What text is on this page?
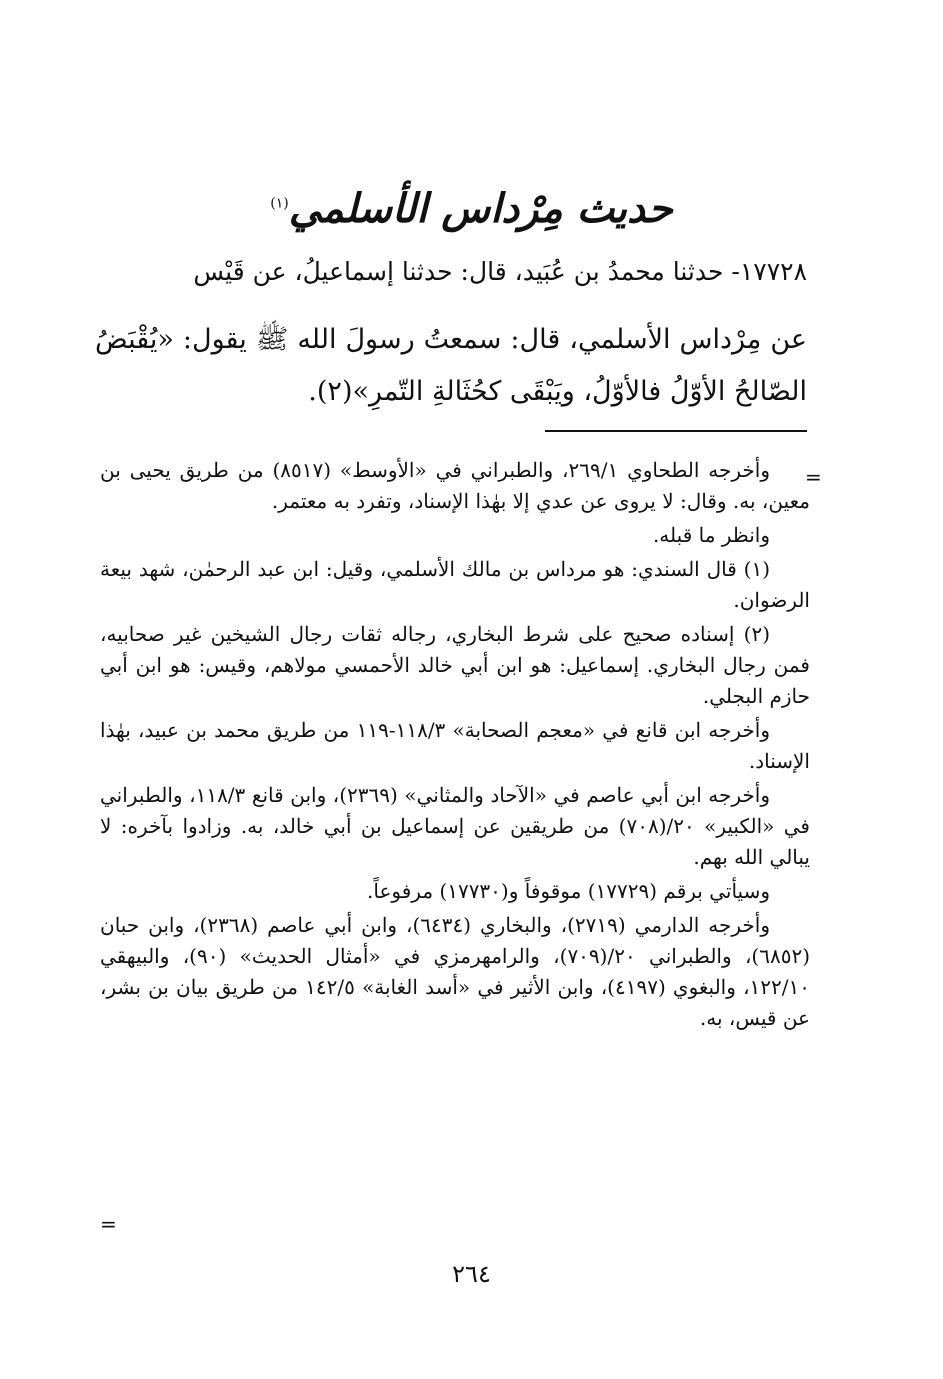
حديث مِرْداس الأسلمي$^{(١)}$

١٧٧٢٨- حدثنا محمدُ بن عُبَيد، قال: حدثنا إسماعيلُ، عن قَيْس

عن مِرْداس الأسلمي، قال: سمعتُ رسولَ الله ﷺ يقول: «يُقْبَضُ الصّالحُ الأوّلُ فالأوّلُ، ويَبْقَى كحُثَالةِ التّمرِ»(٢).

=

وأخرجه الطحاوي ٢٦٩/١، والطبراني في «الأوسط» (٨٥١٧) من طريق يحيى بن معين، به. وقال: لا يروى عن عدي إلا بهٰذا الإسناد، وتفرد به معتمر.

وانظر ما قبله.

(١) قال السندي: هو مرداس بن مالك الأسلمي، وقيل: ابن عبد الرحمٰن، شهد بيعة الرضوان.

(٢) إسناده صحيح على شرط البخاري، رجاله ثقات رجال الشيخين غير صحابيه، فمن رجال البخاري. إسماعيل: هو ابن أبي خالد الأحمسي مولاهم، وقيس: هو ابن أبي حازم البجلي.

وأخرجه ابن قانع في «معجم الصحابة» ١١٨/٣-١١٩ من طريق محمد بن عبيد، بهٰذا الإسناد.

وأخرجه ابن أبي عاصم في «الآحاد والمثاني» (٢٣٦٩)، وابن قانع ١١٨/٣، والطبراني في «الكبير» ٢٠/(٧٠٨) من طريقين عن إسماعيل بن أبي خالد، به. وزادوا بآخره: لا يبالي الله بهم.

وسيأتي برقم (١٧٧٢٩) موقوفاً و(١٧٧٣٠) مرفوعاً.

وأخرجه الدارمي (٢٧١٩)، والبخاري (٦٤٣٤)، وابن أبي عاصم (٢٣٦٨)، وابن حبان (٦٨٥٢)، والطبراني ٢٠/(٧٠٩)، والرامهرمزي في «أمثال الحديث» (٩٠)، والبيهقي ١٢٢/١٠، والبغوي (٤١٩٧)، وابن الأثير في «أسد الغابة» ١٤٢/٥ من طريق بيان بن بشر، عن قيس، به.

=
٢٦٤
